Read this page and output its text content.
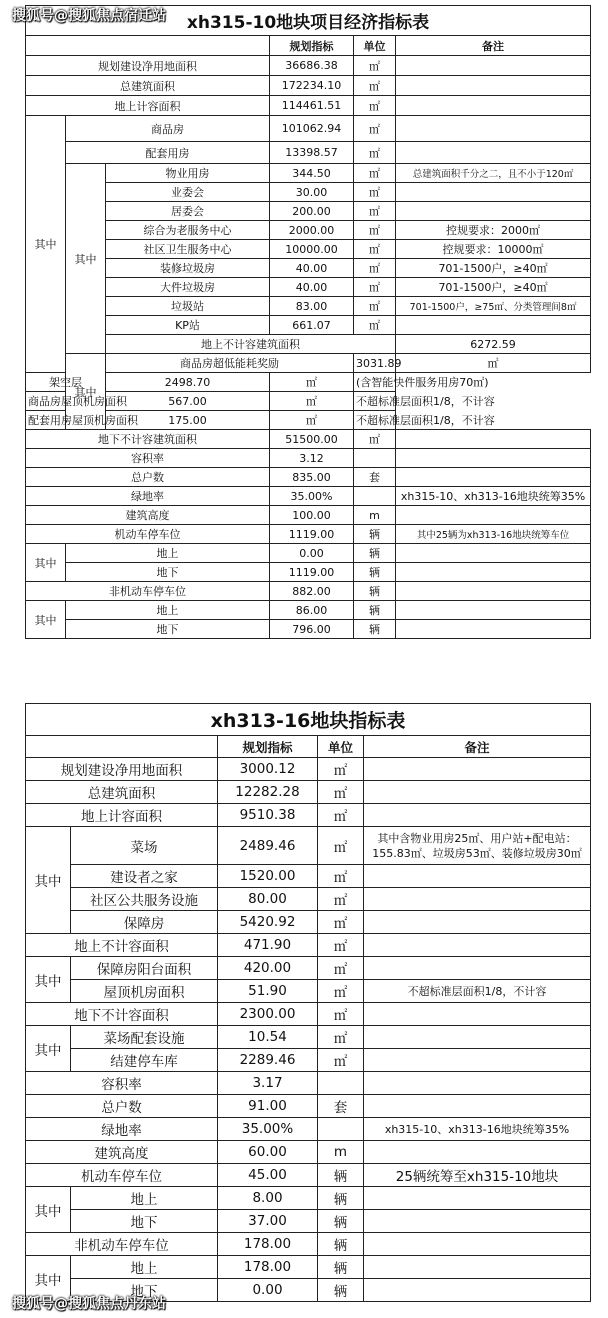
搜狐号@搜狐焦点宿迁站
搜狐号@搜狐焦点丹东站
xh315-10地块项目经济指标表						
			规划指标	单位	备注	
规划建设净用地面积			36686.38	㎡		
总建筑面积			172234.10	㎡		
地上计容面积			114461.51	㎡		
其中	商品房		101062.94	㎡		
	配套用房		13398.57	㎡		
	其中	物业用房	344.50	㎡	总建筑面积千分之二，且不小于120㎡	
		业委会	30.00	㎡		
		居委会	200.00	㎡		
		综合为老服务中心	2000.00	㎡	控规要求：2000㎡	
		社区卫生服务中心	10000.00	㎡	控规要求：10000㎡	
		装修垃圾房	40.00	㎡	701-1500户，≥40㎡	
		大件垃圾房	40.00	㎡	701-1500户，≥40㎡	
		垃圾站	83.00	㎡	701-1500户，≥75㎡、分类管理间8㎡	
		KP站	661.07	㎡		
		地上不计容建筑面积			6272.59		
	其中	商品房超低能耗奖励		3031.89	㎡	
架空层		2498.70	㎡	(含智能快件服务用房70㎡)		
商品房屋顶机房面积		567.00	㎡	不超标准层面积1/8，不计容		
配套用房屋顶机房面积		175.00	㎡	不超标准层面积1/8，不计容		
地下不计容建筑面积			51500.00	㎡		
容积率			3.12			
总户数			835.00	套		
绿地率			35.00%		xh315-10、xh313-16地块统筹35%	
建筑高度			100.00	m		
机动车停车位			1119.00	辆	其中25辆为xh313-16地块统筹车位	
其中	地上		0.00	辆		
	地下		1119.00	辆		
非机动车停车位			882.00	辆		
其中	地上		86.00	辆		
	地下		796.00	辆		
xh313-16地块指标表				
		规划指标	单位	备注
规划建设净用地面积		3000.12	㎡	
总建筑面积		12282.28	㎡	
地上计容面积		9510.38	㎡	
其中	菜场	2489.46	㎡	其中含物业用房25㎡、用户站+配电站：155.83㎡、垃圾房53㎡、装修垃圾房30㎡
	建设者之家	1520.00	㎡	
	社区公共服务设施	80.00	㎡	
	保障房	5420.92	㎡	
地上不计容面积		471.90	㎡	
其中	保障房阳台面积	420.00	㎡	
	屋顶机房面积	51.90	㎡	不超标准层面积1/8，不计容
地下不计容面积		2300.00	㎡	
其中	菜场配套设施	10.54	㎡	
	结建停车库	2289.46	㎡	
容积率		3.17		
总户数		91.00	套	
绿地率		35.00%		xh315-10、xh313-16地块统筹35%
建筑高度		60.00	m	
机动车停车位		45.00	辆	25辆统筹至xh315-10地块
其中	地上	8.00	辆	
	地下	37.00	辆	
非机动车停车位		178.00	辆	
其中	地上	178.00	辆	
	地下	0.00	辆	
